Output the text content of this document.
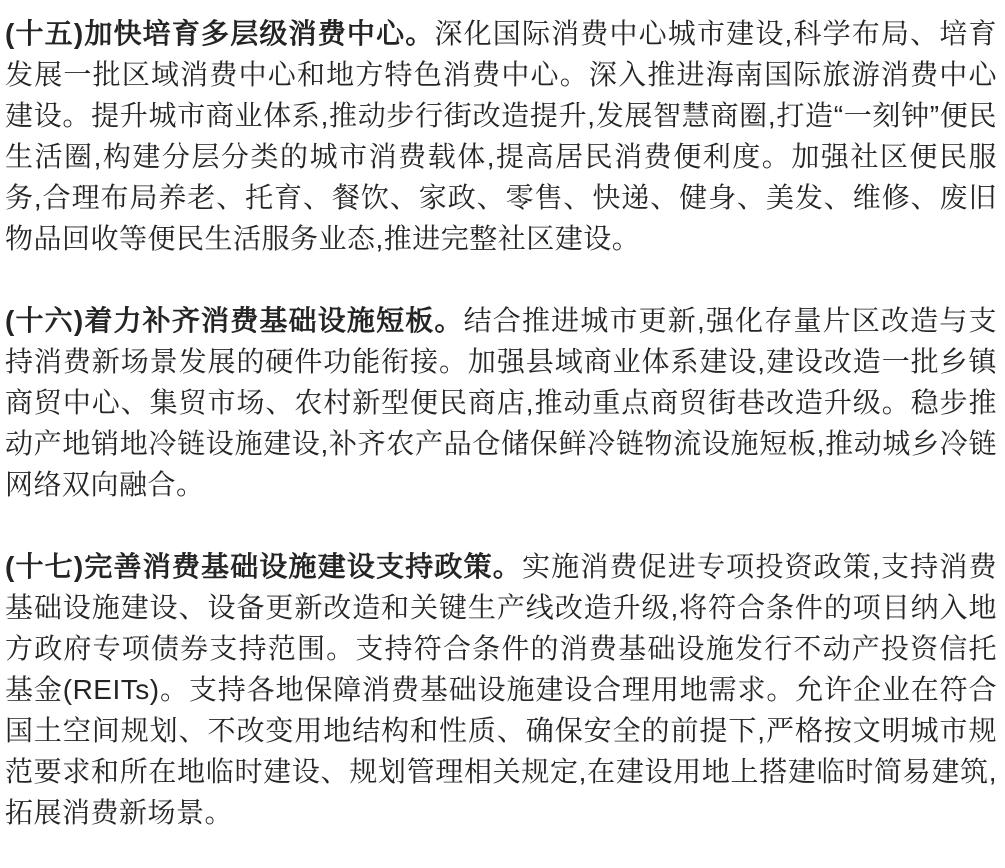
(十五)加快培育多层级消费中心。深化国际消费中心城市建设,科学布局、培育发展一批区域消费中心和地方特色消费中心。深入推进海南国际旅游消费中心建设。提升城市商业体系,推动步行街改造提升,发展智慧商圈,打造“一刻钟”便民生活圈,构建分层分类的城市消费载体,提高居民消费便利度。加强社区便民服务,合理布局养老、托育、餐饮、家政、零售、快递、健身、美发、维修、废旧物品回收等便民生活服务业态,推进完整社区建设。

(十六)着力补齐消费基础设施短板。结合推进城市更新,强化存量片区改造与支持消费新场景发展的硬件功能衔接。加强县域商业体系建设,建设改造一批乡镇商贸中心、集贸市场、农村新型便民商店,推动重点商贸街巷改造升级。稳步推动产地销地冷链设施建设,补齐农产品仓储保鲜冷链物流设施短板,推动城乡冷链网络双向融合。

(十七)完善消费基础设施建设支持政策。实施消费促进专项投资政策,支持消费基础设施建设、设备更新改造和关键生产线改造升级,将符合条件的项目纳入地方政府专项债券支持范围。支持符合条件的消费基础设施发行不动产投资信托基金(REITs)。支持各地保障消费基础设施建设合理用地需求。允许企业在符合国土空间规划、不改变用地结构和性质、确保安全的前提下,严格按文明城市规范要求和所在地临时建设、规划管理相关规定,在建设用地上搭建临时简易建筑,拓展消费新场景。
